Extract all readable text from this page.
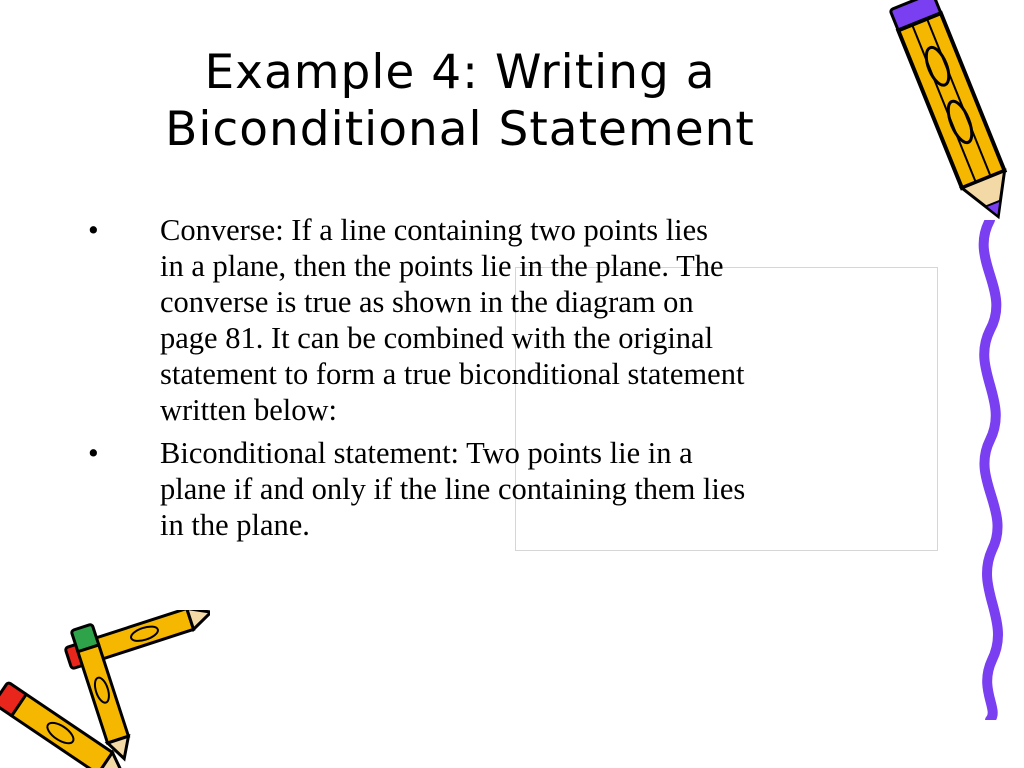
Example 4: Writing a
Biconditional Statement
•	Converse: If a line containing two points lies
in a plane, then the points lie in the plane. The
converse is true as shown in the diagram on
page 81. It can be combined with the original
statement to form a true biconditional statement
written below:
•	Biconditional statement: Two points lie in a
plane if and only if the line containing them lies
in the plane.
